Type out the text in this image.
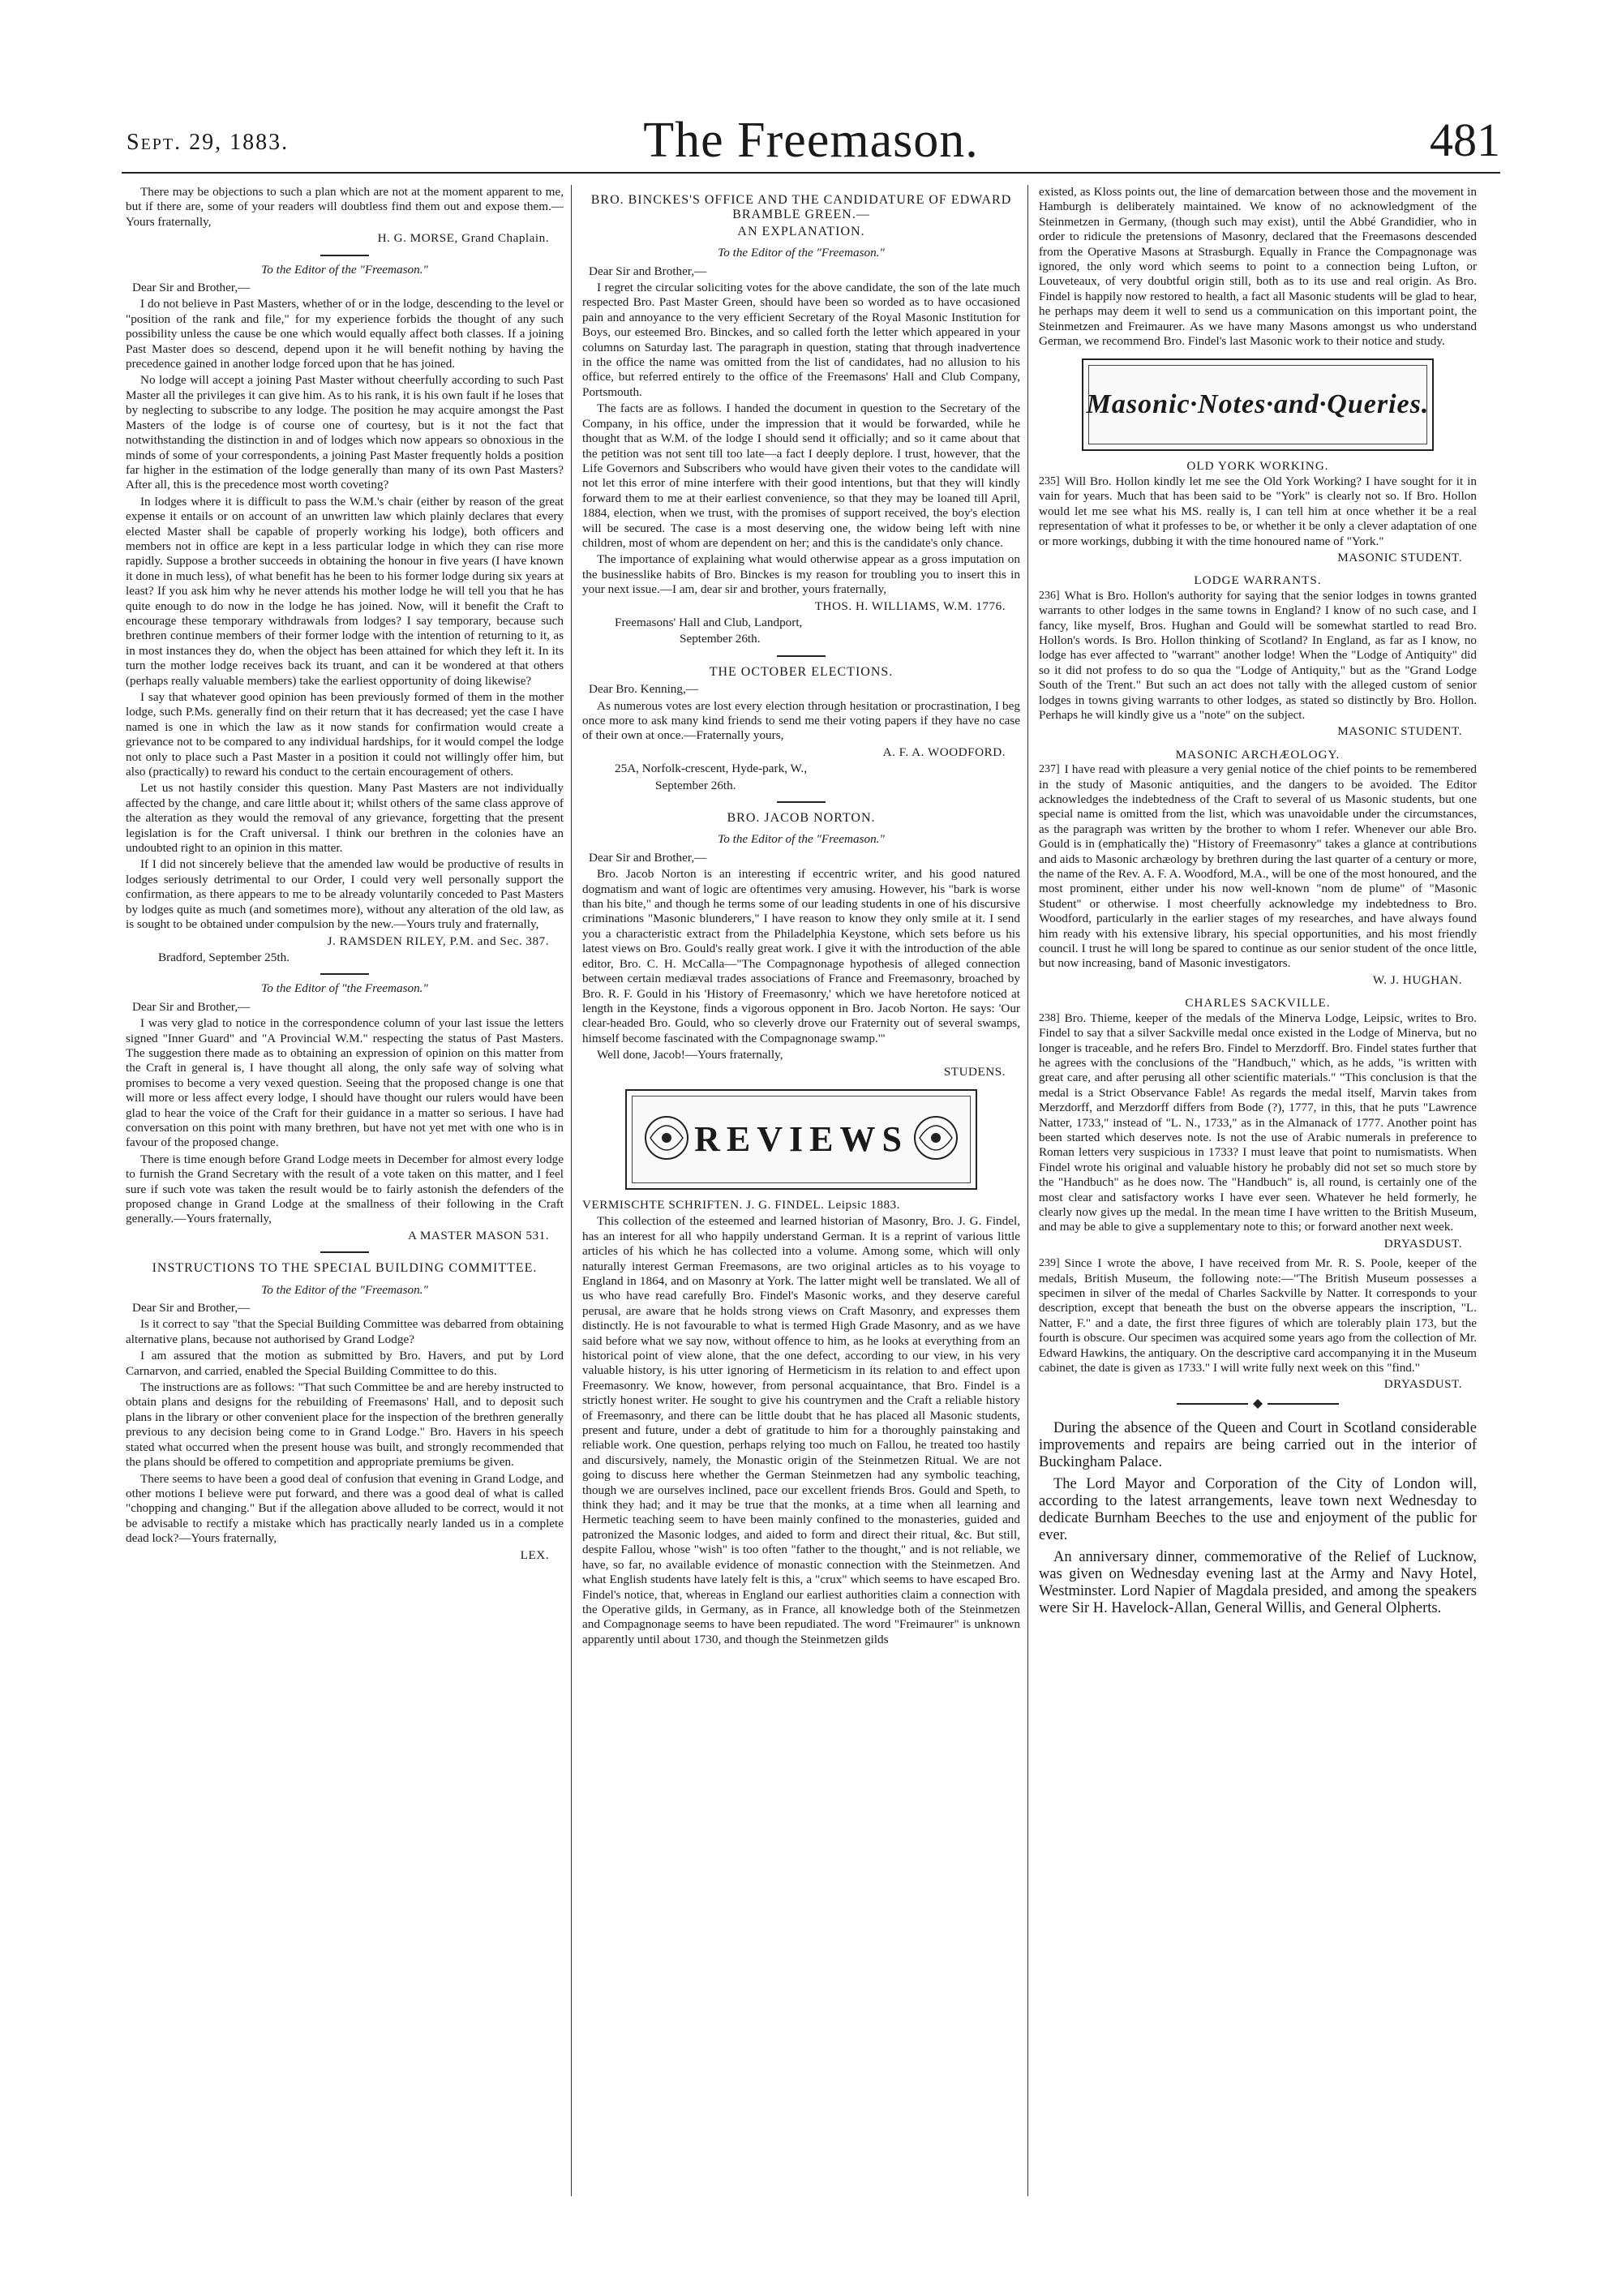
Sept. 29, 1883.	The Freemason.	481

There may be objections to such a plan which are not at the moment apparent to me, but if there are, some of your readers will doubtless find them out and expose them.—Yours fraternally,

H. G. MORSE, Grand Chaplain.

To the Editor of the "Freemason."

Dear Sir and Brother,—

I do not believe in Past Masters, whether of or in the lodge, descending to the level or "position of the rank and file," for my experience forbids the thought of any such possibility unless the cause be one which would equally affect both classes. If a joining Past Master does so descend, depend upon it he will benefit nothing by having the precedence gained in another lodge forced upon that he has joined.

No lodge will accept a joining Past Master without cheerfully according to such Past Master all the privileges it can give him. As to his rank, it is his own fault if he loses that by neglecting to subscribe to any lodge. The position he may acquire amongst the Past Masters of the lodge is of course one of courtesy, but is it not the fact that notwithstanding the distinction in and of lodges which now appears so obnoxious in the minds of some of your correspondents, a joining Past Master frequently holds a position far higher in the estimation of the lodge generally than many of its own Past Masters? After all, this is the precedence most worth coveting?

In lodges where it is difficult to pass the W.M.'s chair (either by reason of the great expense it entails or on account of an unwritten law which plainly declares that every elected Master shall be capable of properly working his lodge), both officers and members not in office are kept in a less particular lodge in which they can rise more rapidly. Suppose a brother succeeds in obtaining the honour in five years (I have known it done in much less), of what benefit has he been to his former lodge during six years at least? If you ask him why he never attends his mother lodge he will tell you that he has quite enough to do now in the lodge he has joined. Now, will it benefit the Craft to encourage these temporary withdrawals from lodges? I say temporary, because such brethren continue members of their former lodge with the intention of returning to it, as in most instances they do, when the object has been attained for which they left it. In its turn the mother lodge receives back its truant, and can it be wondered at that others (perhaps really valuable members) take the earliest opportunity of doing likewise?

I say that whatever good opinion has been previously formed of them in the mother lodge, such P.Ms. generally find on their return that it has decreased; yet the case I have named is one in which the law as it now stands for confirmation would create a grievance not to be compared to any individual hardships, for it would compel the lodge not only to place such a Past Master in a position it could not willingly offer him, but also (practically) to reward his conduct to the certain encouragement of others.

Let us not hastily consider this question. Many Past Masters are not individually affected by the change, and care little about it; whilst others of the same class approve of the alteration as they would the removal of any grievance, forgetting that the present legislation is for the Craft universal. I think our brethren in the colonies have an undoubted right to an opinion in this matter.

If I did not sincerely believe that the amended law would be productive of results in lodges seriously detrimental to our Order, I could very well personally support the confirmation, as there appears to me to be already voluntarily conceded to Past Masters by lodges quite as much (and sometimes more), without any alteration of the old law, as is sought to be obtained under compulsion by the new.—Yours truly and fraternally,

J. RAMSDEN RILEY, P.M. and Sec. 387.

Bradford, September 25th.

To the Editor of "the Freemason."

Dear Sir and Brother,—

I was very glad to notice in the correspondence column of your last issue the letters signed "Inner Guard" and "A Provincial W.M." respecting the status of Past Masters. The suggestion there made as to obtaining an expression of opinion on this matter from the Craft in general is, I have thought all along, the only safe way of solving what promises to become a very vexed question. Seeing that the proposed change is one that will more or less affect every lodge, I should have thought our rulers would have been glad to hear the voice of the Craft for their guidance in a matter so serious. I have had conversation on this point with many brethren, but have not yet met with one who is in favour of the proposed change.

There is time enough before Grand Lodge meets in December for almost every lodge to furnish the Grand Secretary with the result of a vote taken on this matter, and I feel sure if such vote was taken the result would be to fairly astonish the defenders of the proposed change in Grand Lodge at the smallness of their following in the Craft generally.—Yours fraternally,

A MASTER MASON 531.

INSTRUCTIONS TO THE SPECIAL BUILDING COMMITTEE.

To the Editor of the "Freemason."

Dear Sir and Brother,—

Is it correct to say "that the Special Building Committee was debarred from obtaining alternative plans, because not authorised by Grand Lodge?

I am assured that the motion as submitted by Bro. Havers, and put by Lord Carnarvon, and carried, enabled the Special Building Committee to do this.

The instructions are as follows: "That such Committee be and are hereby instructed to obtain plans and designs for the rebuilding of Freemasons' Hall, and to deposit such plans in the library or other convenient place for the inspection of the brethren generally previous to any decision being come to in Grand Lodge." Bro. Havers in his speech stated what occurred when the present house was built, and strongly recommended that the plans should be offered to competition and appropriate premiums be given.

There seems to have been a good deal of confusion that evening in Grand Lodge, and other motions I believe were put forward, and there was a good deal of what is called "chopping and changing." But if the allegation above alluded to be correct, would it not be advisable to rectify a mistake which has practically nearly landed us in a complete dead lock?—Yours fraternally,

LEX.

BRO. BINCKES'S OFFICE AND THE CANDIDATURE OF EDWARD BRAMBLE GREEN.—

AN EXPLANATION.

To the Editor of the "Freemason."

Dear Sir and Brother,—

I regret the circular soliciting votes for the above candidate, the son of the late much respected Bro. Past Master Green, should have been so worded as to have occasioned pain and annoyance to the very efficient Secretary of the Royal Masonic Institution for Boys, our esteemed Bro. Binckes, and so called forth the letter which appeared in your columns on Saturday last. The paragraph in question, stating that through inadvertence in the office the name was omitted from the list of candidates, had no allusion to his office, but referred entirely to the office of the Freemasons' Hall and Club Company, Portsmouth.

The facts are as follows. I handed the document in question to the Secretary of the Company, in his office, under the impression that it would be forwarded, while he thought that as W.M. of the lodge I should send it officially; and so it came about that the petition was not sent till too late—a fact I deeply deplore. I trust, however, that the Life Governors and Subscribers who would have given their votes to the candidate will not let this error of mine interfere with their good intentions, but that they will kindly forward them to me at their earliest convenience, so that they may be loaned till April, 1884, election, when we trust, with the promises of support received, the boy's election will be secured. The case is a most deserving one, the widow being left with nine children, most of whom are dependent on her; and this is the candidate's only chance.

The importance of explaining what would otherwise appear as a gross imputation on the businesslike habits of Bro. Binckes is my reason for troubling you to insert this in your next issue.—I am, dear sir and brother, yours fraternally,

THOS. H. WILLIAMS, W.M. 1776.

Freemasons' Hall and Club, Landport,

September 26th.

THE OCTOBER ELECTIONS.

Dear Bro. Kenning,—

As numerous votes are lost every election through hesitation or procrastination, I beg once more to ask many kind friends to send me their voting papers if they have no case of their own at once.—Fraternally yours,

A. F. A. WOODFORD.

25A, Norfolk-crescent, Hyde-park, W.,

September 26th.

BRO. JACOB NORTON.

To the Editor of the "Freemason."

Dear Sir and Brother,—

Bro. Jacob Norton is an interesting if eccentric writer, and his good natured dogmatism and want of logic are oftentimes very amusing. However, his "bark is worse than his bite," and though he terms some of our leading students in one of his discursive criminations "Masonic blunderers," I have reason to know they only smile at it. I send you a characteristic extract from the Philadelphia Keystone, which sets before us his latest views on Bro. Gould's really great work. I give it with the introduction of the able editor, Bro. C. H. McCalla—"The Compagnonage hypothesis of alleged connection between certain mediæval trades associations of France and Freemasonry, broached by Bro. R. F. Gould in his 'History of Freemasonry,' which we have heretofore noticed at length in the Keystone, finds a vigorous opponent in Bro. Jacob Norton. He says: 'Our clear-headed Bro. Gould, who so cleverly drove our Fraternity out of several swamps, himself become fascinated with the Compagnonage swamp.'"

Well done, Jacob!—Yours fraternally,

STUDENS.

REVIEWS

VERMISCHTE SCHRIFTEN. J. G. FINDEL. Leipsic 1883.

This collection of the esteemed and learned historian of Masonry, Bro. J. G. Findel, has an interest for all who happily understand German. It is a reprint of various little articles of his which he has collected into a volume. Among some, which will only naturally interest German Freemasons, are two original articles as to his voyage to England in 1864, and on Masonry at York. The latter might well be translated. We all of us who have read carefully Bro. Findel's Masonic works, and they deserve careful perusal, are aware that he holds strong views on Craft Masonry, and expresses them distinctly. He is not favourable to what is termed High Grade Masonry, and as we have said before what we say now, without offence to him, as he looks at everything from an historical point of view alone, that the one defect, according to our view, in his very valuable history, is his utter ignoring of Hermeticism in its relation to and effect upon Freemasonry. We know, however, from personal acquaintance, that Bro. Findel is a strictly honest writer. He sought to give his countrymen and the Craft a reliable history of Freemasonry, and there can be little doubt that he has placed all Masonic students, present and future, under a debt of gratitude to him for a thoroughly painstaking and reliable work. One question, perhaps relying too much on Fallou, he treated too hastily and discursively, namely, the Monastic origin of the Steinmetzen Ritual. We are not going to discuss here whether the German Steinmetzen had any symbolic teaching, though we are ourselves inclined, pace our excellent friends Bros. Gould and Speth, to think they had; and it may be true that the monks, at a time when all learning and Hermetic teaching seem to have been mainly confined to the monasteries, guided and patronized the Masonic lodges, and aided to form and direct their ritual, &c. But still, despite Fallou, whose "wish" is too often "father to the thought," and is not reliable, we have, so far, no available evidence of monastic connection with the Steinmetzen. And what English students have lately felt is this, a "crux" which seems to have escaped Bro. Findel's notice, that, whereas in England our earliest authorities claim a connection with the Operative gilds, in Germany, as in France, all knowledge both of the Steinmetzen and Compagnonage seems to have been repudiated. The word "Freimaurer" is unknown apparently until about 1730, and though the Steinmetzen gilds

existed, as Kloss points out, the line of demarcation between those and the movement in Hamburgh is deliberately maintained. We know of no acknowledgment of the Steinmetzen in Germany, (though such may exist), until the Abbé Grandidier, who in order to ridicule the pretensions of Masonry, declared that the Freemasons descended from the Operative Masons at Strasburgh. Equally in France the Compagnonage was ignored, the only word which seems to point to a connection being Lufton, or Louveteaux, of very doubtful origin still, both as to its use and real origin. As Bro. Findel is happily now restored to health, a fact all Masonic students will be glad to hear, he perhaps may deem it well to send us a communication on this important point, the Steinmetzen and Freimaurer. As we have many Masons amongst us who understand German, we recommend Bro. Findel's last Masonic work to their notice and study.

Masonic·Notes·and·Queries.

OLD YORK WORKING.

235] Will Bro. Hollon kindly let me see the Old York Working? I have sought for it in vain for years. Much that has been said to be "York" is clearly not so. If Bro. Hollon would let me see what his MS. really is, I can tell him at once whether it be a real representation of what it professes to be, or whether it be only a clever adaptation of one or more workings, dubbing it with the time honoured name of "York."

MASONIC STUDENT.

LODGE WARRANTS.

236] What is Bro. Hollon's authority for saying that the senior lodges in towns granted warrants to other lodges in the same towns in England? I know of no such case, and I fancy, like myself, Bros. Hughan and Gould will be somewhat startled to read Bro. Hollon's words. Is Bro. Hollon thinking of Scotland? In England, as far as I know, no lodge has ever affected to "warrant" another lodge! When the "Lodge of Antiquity" did so it did not profess to do so qua the "Lodge of Antiquity," but as the "Grand Lodge South of the Trent." But such an act does not tally with the alleged custom of senior lodges in towns giving warrants to other lodges, as stated so distinctly by Bro. Hollon. Perhaps he will kindly give us a "note" on the subject.

MASONIC STUDENT.

MASONIC ARCHÆOLOGY.

237] I have read with pleasure a very genial notice of the chief points to be remembered in the study of Masonic antiquities, and the dangers to be avoided. The Editor acknowledges the indebtedness of the Craft to several of us Masonic students, but one special name is omitted from the list, which was unavoidable under the circumstances, as the paragraph was written by the brother to whom I refer. Whenever our able Bro. Gould is in (emphatically the) "History of Freemasonry" takes a glance at contributions and aids to Masonic archæology by brethren during the last quarter of a century or more, the name of the Rev. A. F. A. Woodford, M.A., will be one of the most honoured, and the most prominent, either under his now well-known "nom de plume" of "Masonic Student" or otherwise. I most cheerfully acknowledge my indebtedness to Bro. Woodford, particularly in the earlier stages of my researches, and have always found him ready with his extensive library, his special opportunities, and his most friendly council. I trust he will long be spared to continue as our senior student of the once little, but now increasing, band of Masonic investigators.

W. J. HUGHAN.

CHARLES SACKVILLE.

238] Bro. Thieme, keeper of the medals of the Minerva Lodge, Leipsic, writes to Bro. Findel to say that a silver Sackville medal once existed in the Lodge of Minerva, but no longer is traceable, and he refers Bro. Findel to Merzdorff. Bro. Findel states further that he agrees with the conclusions of the "Handbuch," which, as he adds, "is written with great care, and after perusing all other scientific materials." "This conclusion is that the medal is a Strict Observance Fable! As regards the medal itself, Marvin takes from Merzdorff, and Merzdorff differs from Bode (?), 1777, in this, that he puts "Lawrence Natter, 1733," instead of "L. N., 1733," as in the Almanack of 1777. Another point has been started which deserves note. Is not the use of Arabic numerals in preference to Roman letters very suspicious in 1733? I must leave that point to numismatists. When Findel wrote his original and valuable history he probably did not set so much store by the "Handbuch" as he does now. The "Handbuch" is, all round, is certainly one of the most clear and satisfactory works I have ever seen. Whatever he held formerly, he clearly now gives up the medal. In the mean time I have written to the British Museum, and may be able to give a supplementary note to this; or forward another next week.

DRYASDUST.

239] Since I wrote the above, I have received from Mr. R. S. Poole, keeper of the medals, British Museum, the following note:—"The British Museum possesses a specimen in silver of the medal of Charles Sackville by Natter. It corresponds to your description, except that beneath the bust on the obverse appears the inscription, "L. Natter, F." and a date, the first three figures of which are tolerably plain 173, but the fourth is obscure. Our specimen was acquired some years ago from the collection of Mr. Edward Hawkins, the antiquary. On the descriptive card accompanying it in the Museum cabinet, the date is given as 1733." I will write fully next week on this "find."

DRYASDUST.

During the absence of the Queen and Court in Scotland considerable improvements and repairs are being carried out in the interior of Buckingham Palace.

The Lord Mayor and Corporation of the City of London will, according to the latest arrangements, leave town next Wednesday to dedicate Burnham Beeches to the use and enjoyment of the public for ever.

An anniversary dinner, commemorative of the Relief of Lucknow, was given on Wednesday evening last at the Army and Navy Hotel, Westminster. Lord Napier of Magdala presided, and among the speakers were Sir H. Havelock-Allan, General Willis, and General Olpherts.
